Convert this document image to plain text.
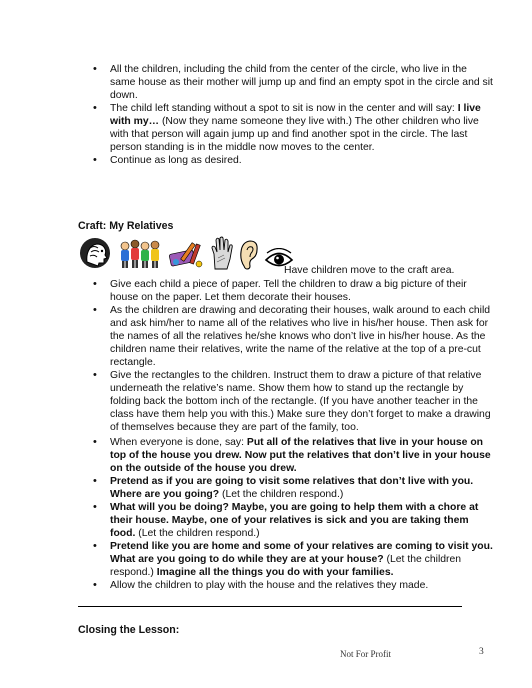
• All the children, including the child from the center of the circle, who live in the same house as their mother will jump up and find an empty spot in the circle and sit down.
• The child left standing without a spot to sit is now in the center and will say: I live with my… (Now they name someone they live with.) The other children who live with that person will again jump up and find another spot in the circle. The last person standing is in the middle now moves to the center.
• Continue as long as desired.
Craft: My Relatives
Have children move to the craft area.
• Give each child a piece of paper. Tell the children to draw a big picture of their house on the paper. Let them decorate their houses.
• As the children are drawing and decorating their houses, walk around to each child and ask him/her to name all of the relatives who live in his/her house. Then ask for the names of all the relatives he/she knows who don’t live in his/her house. As the children name their relatives, write the name of the relative at the top of a pre-cut rectangle.
• Give the rectangles to the children. Instruct them to draw a picture of that relative underneath the relative’s name. Show them how to stand up the rectangle by folding back the bottom inch of the rectangle. (If you have another teacher in the class have them help you with this.) Make sure they don’t forget to make a drawing of themselves because they are part of the family, too.
• When everyone is done, say: Put all of the relatives that live in your house on top of the house you drew. Now put the relatives that don’t live in your house on the outside of the house you drew.
• Pretend as if you are going to visit some relatives that don’t live with you. Where are you going? (Let the children respond.)
• What will you be doing? Maybe, you are going to help them with a chore at their house. Maybe, one of your relatives is sick and you are taking them food. (Let the children respond.)
• Pretend like you are home and some of your relatives are coming to visit you. What are you going to do while they are at your house? (Let the children respond.) Imagine all the things you do with your families.
• Allow the children to play with the house and the relatives they made.
Closing the Lesson:
Not For Profit	3
